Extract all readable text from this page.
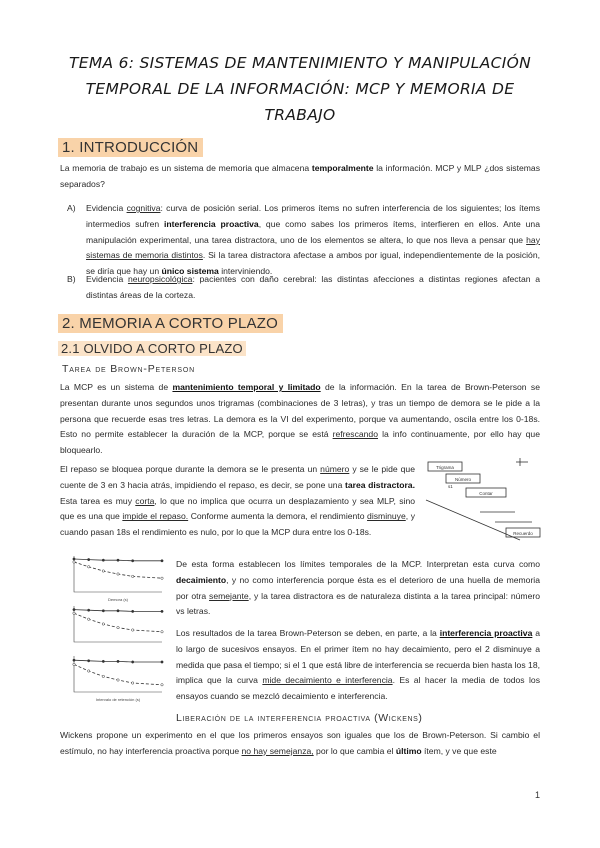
TEMA 6: SISTEMAS DE MANTENIMIENTO Y MANIPULACIÓN TEMPORAL DE LA INFORMACIÓN: MCP Y MEMORIA DE TRABAJO
1. INTRODUCCIÓN

La memoria de trabajo es un sistema de memoria que almacena temporalmente la información. MCP y MLP ¿dos sistemas separados?

A) Evidencia cognitiva: curva de posición serial. Los primeros ítems no sufren interferencia de los siguientes; los ítems intermedios sufren interferencia proactiva, que como sabes los primeros ítems, interfieren en ellos. Ante una manipulación experimental, una tarea distractora, uno de los elementos se altera, lo que nos lleva a pensar que hay sistemas de memoria distintos. Si la tarea distractora afectase a ambos por igual, independientemente de la posición, se diría que hay un único sistema interviniendo.

B) Evidencia neuropsicológica: pacientes con daño cerebral: las distintas afecciones a distintas regiones afectan a distintas áreas de la corteza.

2. MEMORIA A CORTO PLAZO
2.1 OLVIDO A CORTO PLAZO
Tarea de Brown-Peterson

La MCP es un sistema de mantenimiento temporal y limitado de la información. En la tarea de Brown-Peterson se presentan durante unos segundos unos trigramas (combinaciones de 3 letras), y tras un tiempo de demora se le pide a la persona que recuerde esas tres letras. La demora es la VI del experimento, porque va aumentando, oscila entre los 0-18s. Esto no permite establecer la duración de la MCP, porque se está refrescando la info continuamente, por ello hay que bloquearlo.

El repaso se bloquea porque durante la demora se le presenta un número y se le pide que cuente de 3 en 3 hacia atrás, impidiendo el repaso, es decir, se pone una tarea distractora. Esta tarea es muy corta, lo que no implica que ocurra un desplazamiento y sea MLP, sino que es una que impide el repaso. Conforme aumenta la demora, el rendimiento disminuye, y cuando pasan 18s el rendimiento es nulo, por lo que la MCP dura entre los 0-18s.

Trigrama
Número
Contar
Recuerdo
s1
Demora (s)
Intervalo de retención (s)

De esta forma establecen los límites temporales de la MCP. Interpretan esta curva como decaimiento, y no como interferencia porque ésta es el deterioro de una huella de memoria por otra semejante, y la tarea distractora es de naturaleza distinta a la tarea principal: número vs letras.

Los resultados de la tarea Brown-Peterson se deben, en parte, a la interferencia proactiva a lo largo de sucesivos ensayos. En el primer ítem no hay decaimiento, pero el 2 disminuye a medida que pasa el tiempo; si el 1 que está libre de interferencia se recuerda bien hasta los 18, implica que la curva mide decaimiento e interferencia. Es al hacer la media de todos los ensayos cuando se mezcló decaimiento e interferencia.

Liberación de la interferencia proactiva (Wickens)

Wickens propone un experimento en el que los primeros ensayos son iguales que los de Brown-Peterson. Si cambio el estímulo, no hay interferencia proactiva porque no hay semejanza, por lo que cambia el último ítem, y ve que este

1
